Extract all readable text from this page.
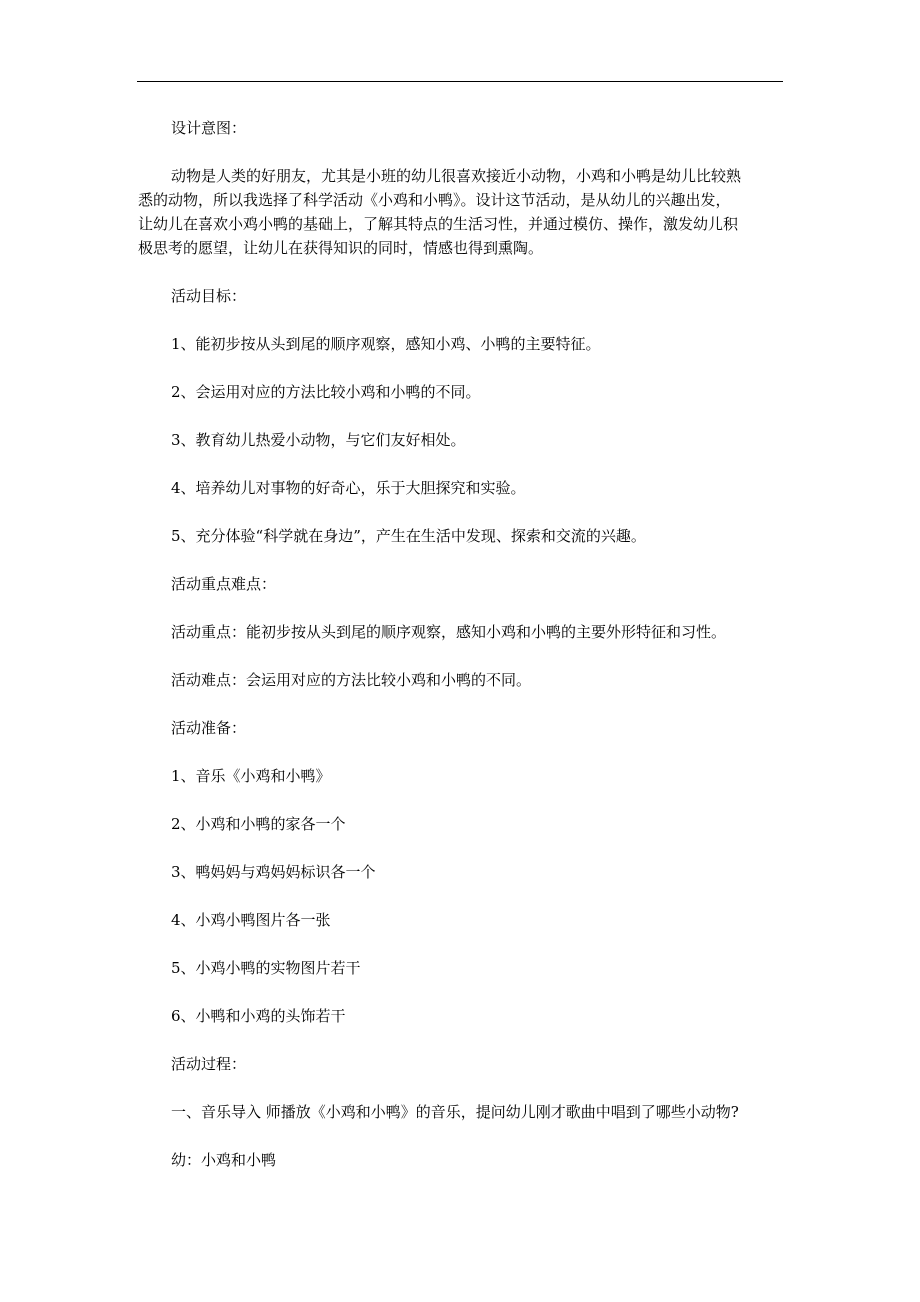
设计意图：
动物是人类的好朋友，尤其是小班的幼儿很喜欢接近小动物，小鸡和小鸭是幼儿比较熟
悉的动物，所以我选择了科学活动《小鸡和小鸭》。设计这节活动，是从幼儿的兴趣出发，
让幼儿在喜欢小鸡小鸭的基础上，了解其特点的生活习性，并通过模仿、操作，激发幼儿积
极思考的愿望，让幼儿在获得知识的同时，情感也得到熏陶。
活动目标：
1、能初步按从头到尾的顺序观察，感知小鸡、小鸭的主要特征。
2、会运用对应的方法比较小鸡和小鸭的不同。
3、教育幼儿热爱小动物，与它们友好相处。
4、培养幼儿对事物的好奇心，乐于大胆探究和实验。
5、充分体验“科学就在身边”，产生在生活中发现、探索和交流的兴趣。
活动重点难点：
活动重点：能初步按从头到尾的顺序观察，感知小鸡和小鸭的主要外形特征和习性。
活动难点：会运用对应的方法比较小鸡和小鸭的不同。
活动准备：
1、音乐《小鸡和小鸭》
2、小鸡和小鸭的家各一个
3、鸭妈妈与鸡妈妈标识各一个
4、小鸡小鸭图片各一张
5、小鸡小鸭的实物图片若干
6、小鸭和小鸡的头饰若干
活动过程：
一、音乐导入 师播放《小鸡和小鸭》的音乐，提问幼儿刚才歌曲中唱到了哪些小动物?
幼：小鸡和小鸭
